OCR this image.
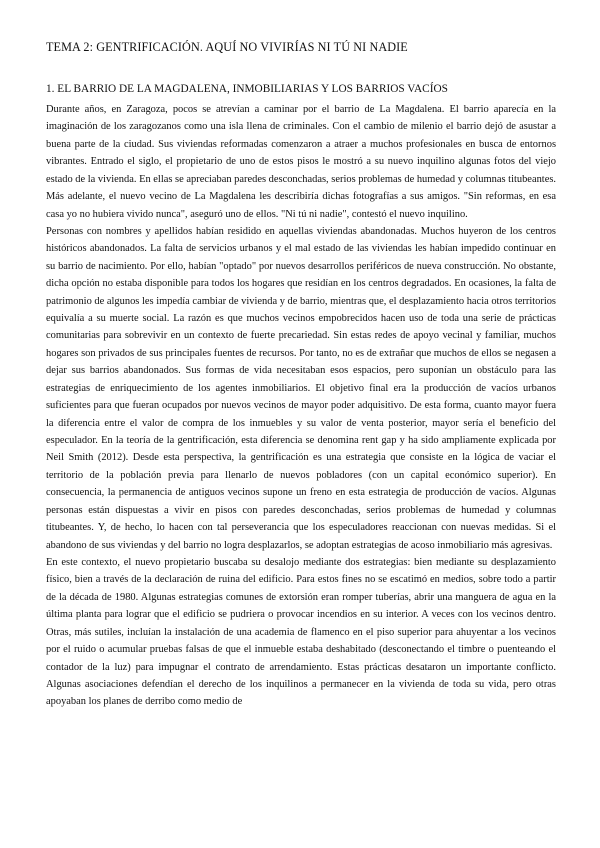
TEMA 2: GENTRIFICACIÓN. AQUÍ NO VIVIRÍAS NI TÚ NI NADIE
1. EL BARRIO DE LA MAGDALENA, INMOBILIARIAS Y LOS BARRIOS VACÍOS

Durante años, en Zaragoza, pocos se atrevían a caminar por el barrio de La Magdalena. El barrio aparecía en la imaginación de los zaragozanos como una isla llena de criminales. Con el cambio de milenio el barrio dejó de asustar a buena parte de la ciudad. Sus viviendas reformadas comenzaron a atraer a muchos profesionales en busca de entornos vibrantes. Entrado el siglo, el propietario de uno de estos pisos le mostró a su nuevo inquilino algunas fotos del viejo estado de la vivienda. En ellas se apreciaban paredes desconchadas, serios problemas de humedad y columnas titubeantes. Más adelante, el nuevo vecino de La Magdalena les describiría dichas fotografías a sus amigos. "Sin reformas, en esa casa yo no hubiera vivido nunca", aseguró uno de ellos. "Ni tú ni nadie", contestó el nuevo inquilino.

Personas con nombres y apellidos habían residido en aquellas viviendas abandonadas. Muchos huyeron de los centros históricos abandonados. La falta de servicios urbanos y el mal estado de las viviendas les habían impedido continuar en su barrio de nacimiento. Por ello, habían "optado" por nuevos desarrollos periféricos de nueva construcción. No obstante, dicha opción no estaba disponible para todos los hogares que residían en los centros degradados. En ocasiones, la falta de patrimonio de algunos les impedía cambiar de vivienda y de barrio, mientras que, el desplazamiento hacia otros territorios equivalía a su muerte social. La razón es que muchos vecinos empobrecidos hacen uso de toda una serie de prácticas comunitarias para sobrevivir en un contexto de fuerte precariedad. Sin estas redes de apoyo vecinal y familiar, muchos hogares son privados de sus principales fuentes de recursos. Por tanto, no es de extrañar que muchos de ellos se negasen a dejar sus barrios abandonados. Sus formas de vida necesitaban esos espacios, pero suponían un obstáculo para las estrategias de enriquecimiento de los agentes inmobiliarios. El objetivo final era la producción de vacíos urbanos suficientes para que fueran ocupados por nuevos vecinos de mayor poder adquisitivo. De esta forma, cuanto mayor fuera la diferencia entre el valor de compra de los inmuebles y su valor de venta posterior, mayor sería el beneficio del especulador. En la teoría de la gentrificación, esta diferencia se denomina rent gap y ha sido ampliamente explicada por Neil Smith (2012). Desde esta perspectiva, la gentrificación es una estrategia que consiste en la lógica de vaciar el territorio de la población previa para llenarlo de nuevos pobladores (con un capital económico superior). En consecuencia, la permanencia de antiguos vecinos supone un freno en esta estrategia de producción de vacíos. Algunas personas están dispuestas a vivir en pisos con paredes desconchadas, serios problemas de humedad y columnas titubeantes. Y, de hecho, lo hacen con tal perseverancia que los especuladores reaccionan con nuevas medidas. Si el abandono de sus viviendas y del barrio no logra desplazarlos, se adoptan estrategias de acoso inmobiliario más agresivas.

En este contexto, el nuevo propietario buscaba su desalojo mediante dos estrategias: bien mediante su desplazamiento físico, bien a través de la declaración de ruina del edificio. Para estos fines no se escatimó en medios, sobre todo a partir de la década de 1980. Algunas estrategias comunes de extorsión eran romper tuberías, abrir una manguera de agua en la última planta para lograr que el edificio se pudriera o provocar incendios en su interior. A veces con los vecinos dentro. Otras, más sutiles, incluían la instalación de una academia de flamenco en el piso superior para ahuyentar a los vecinos por el ruido o acumular pruebas falsas de que el inmueble estaba deshabitado (desconectando el timbre o puenteando el contador de la luz) para impugnar el contrato de arrendamiento. Estas prácticas desataron un importante conflicto. Algunas asociaciones defendían el derecho de los inquilinos a permanecer en la vivienda de toda su vida, pero otras apoyaban los planes de derribo como medio de
